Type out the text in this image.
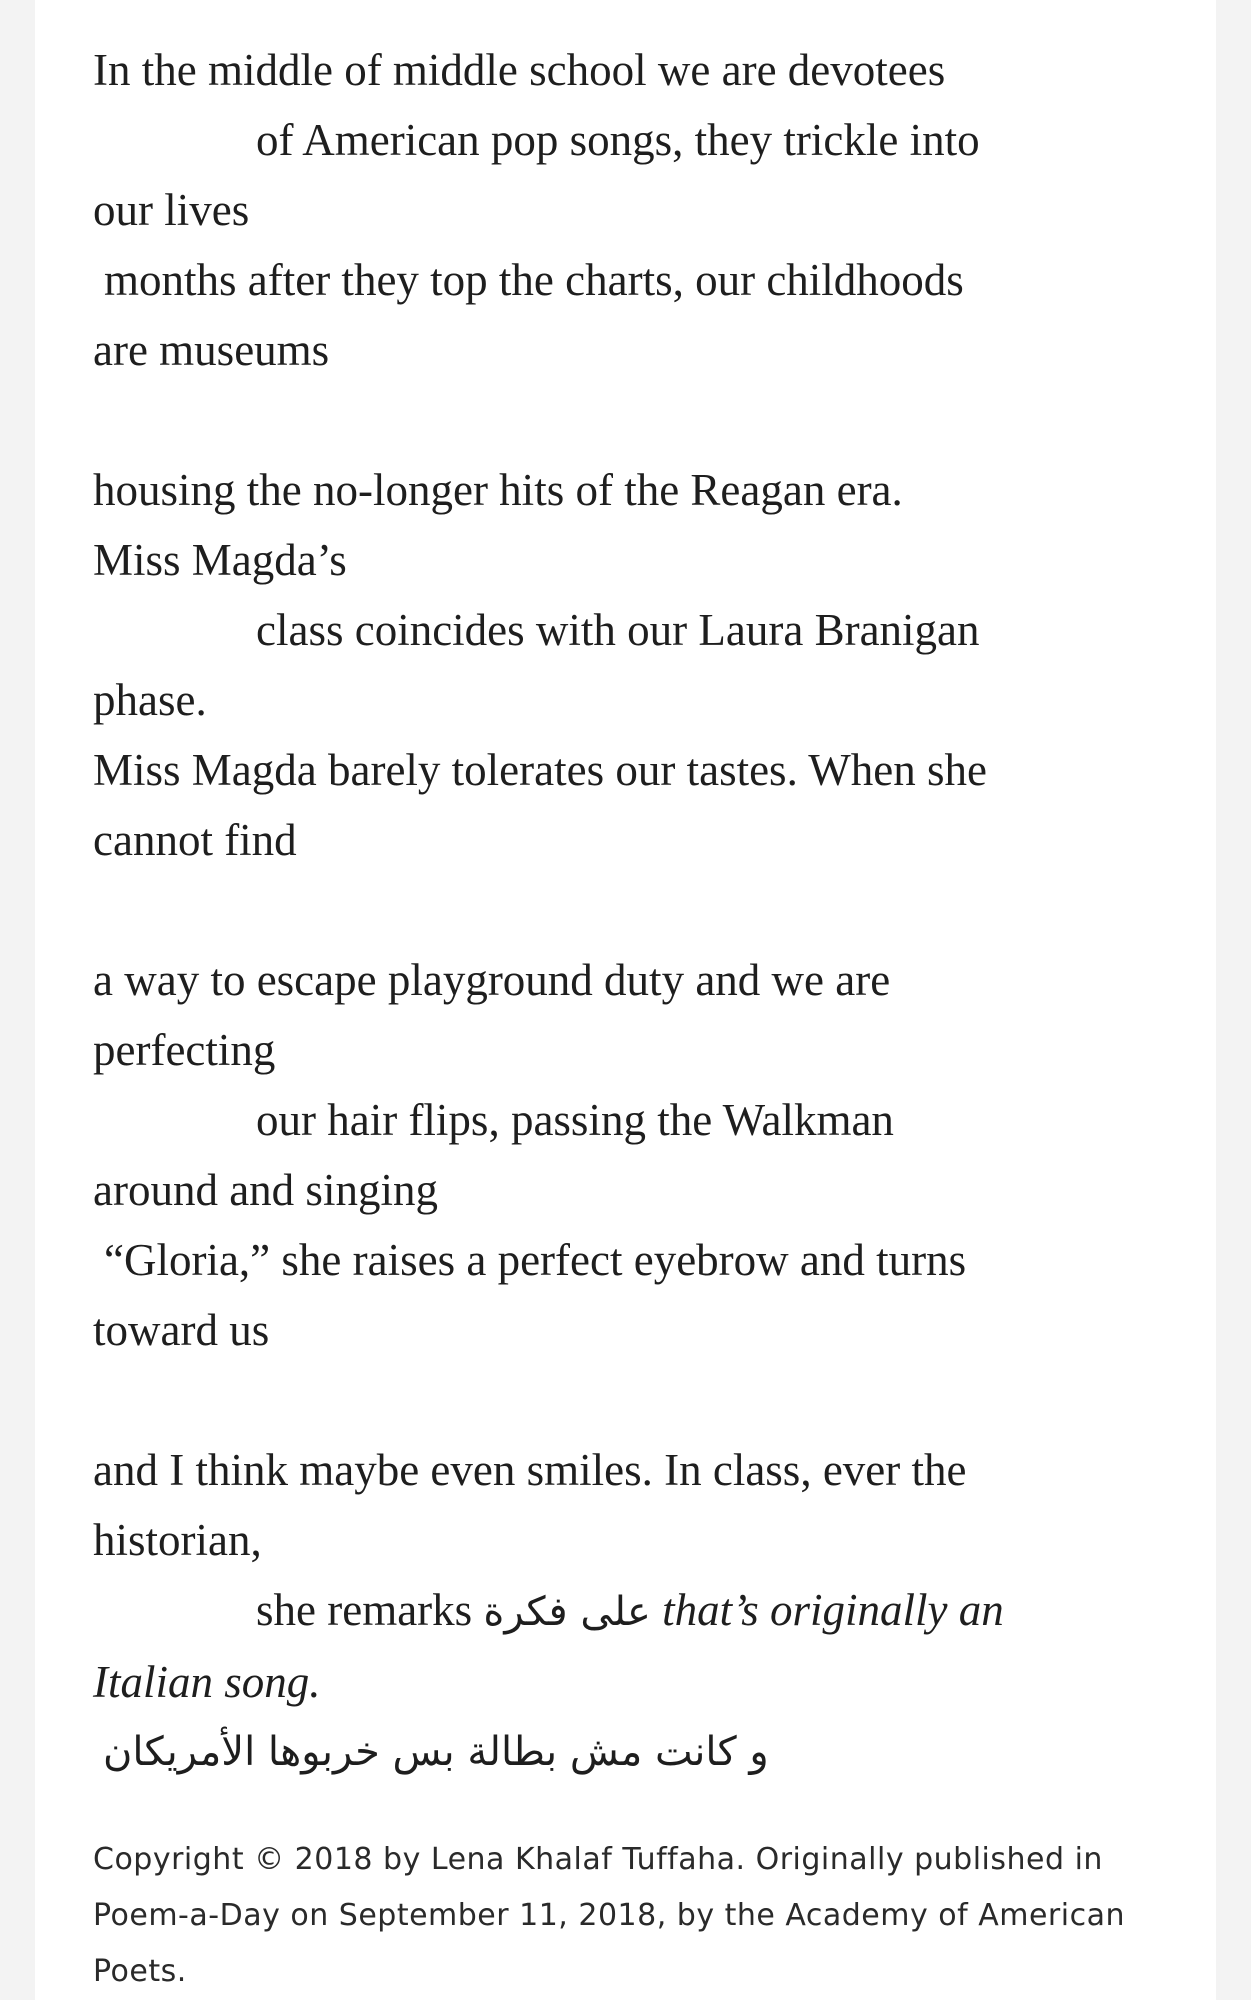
In the middle of middle school we are devotees
of American pop songs, they trickle into
our lives
months after they top the charts, our childhoods
are museums
housing the no-longer hits of the Reagan era.
Miss Magda’s
class coincides with our Laura Branigan
phase.
Miss Magda barely tolerates our tastes. When she
cannot find
a way to escape playground duty and we are
perfecting
our hair flips, passing the Walkman
around and singing
“Gloria,” she raises a perfect eyebrow and turns
toward us
and I think maybe even smiles. In class, ever the
historian,
she remarks على فكرة that’s originally an
Italian song.
و كانت مش بطالة بس خربوها الأمريكان
Copyright © 2018 by Lena Khalaf Tuffaha. Originally published in Poem-a-Day on September 11, 2018, by the Academy of American Poets.
